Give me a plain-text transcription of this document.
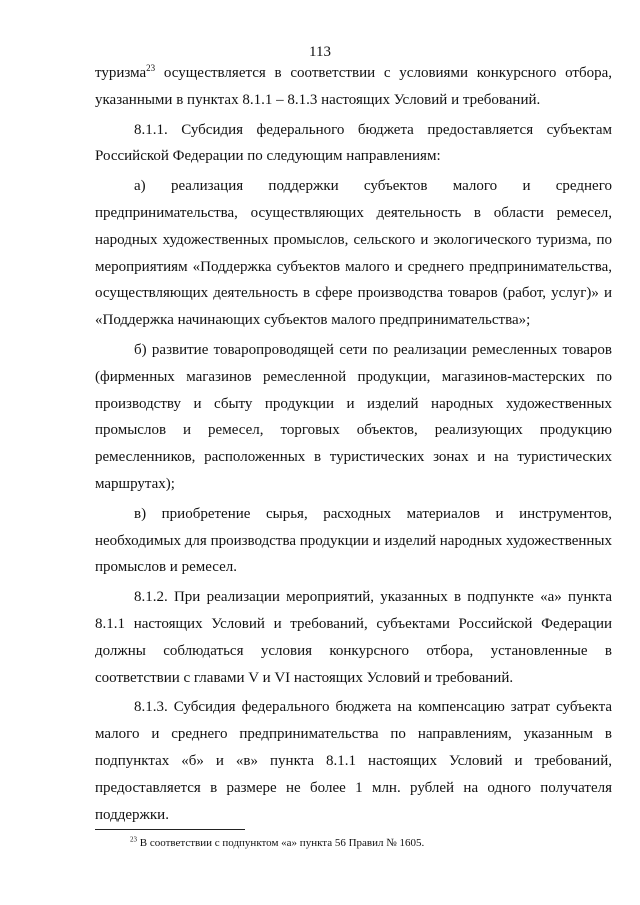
113

туризма$^{23}$ осуществляется в соответствии с условиями конкурсного отбора, указанными в пунктах 8.1.1 – 8.1.3 настоящих Условий и требований.

8.1.1. Субсидия федерального бюджета предоставляется субъектам Российской Федерации по следующим направлениям:

а) реализация поддержки субъектов малого и среднего предпринимательства, осуществляющих деятельность в области ремесел, народных художественных промыслов, сельского и экологического туризма, по мероприятиям «Поддержка субъектов малого и среднего предпринимательства, осуществляющих деятельность в сфере производства товаров (работ, услуг)» и «Поддержка начинающих субъектов малого предпринимательства»;

б) развитие товаропроводящей сети по реализации ремесленных товаров (фирменных магазинов ремесленной продукции, магазинов-мастерских по производству и сбыту продукции и изделий народных художественных промыслов и ремесел, торговых объектов, реализующих продукцию ремесленников, расположенных в туристических зонах и на туристических маршрутах);

в) приобретение сырья, расходных материалов и инструментов, необходимых для производства продукции и изделий народных художественных промыслов и ремесел.

8.1.2. При реализации мероприятий, указанных в подпункте «а» пункта 8.1.1 настоящих Условий и требований, субъектами Российской Федерации должны соблюдаться условия конкурсного отбора, установленные в соответствии с главами V и VI настоящих Условий и требований.

8.1.3. Субсидия федерального бюджета на компенсацию затрат субъекта малого и среднего предпринимательства по направлениям, указанным в подпунктах «б» и «в» пункта 8.1.1 настоящих Условий и требований, предоставляется в размере не более 1 млн. рублей на одного получателя поддержки.

$^{23}$ В соответствии с подпунктом «а» пункта 56 Правил № 1605.
